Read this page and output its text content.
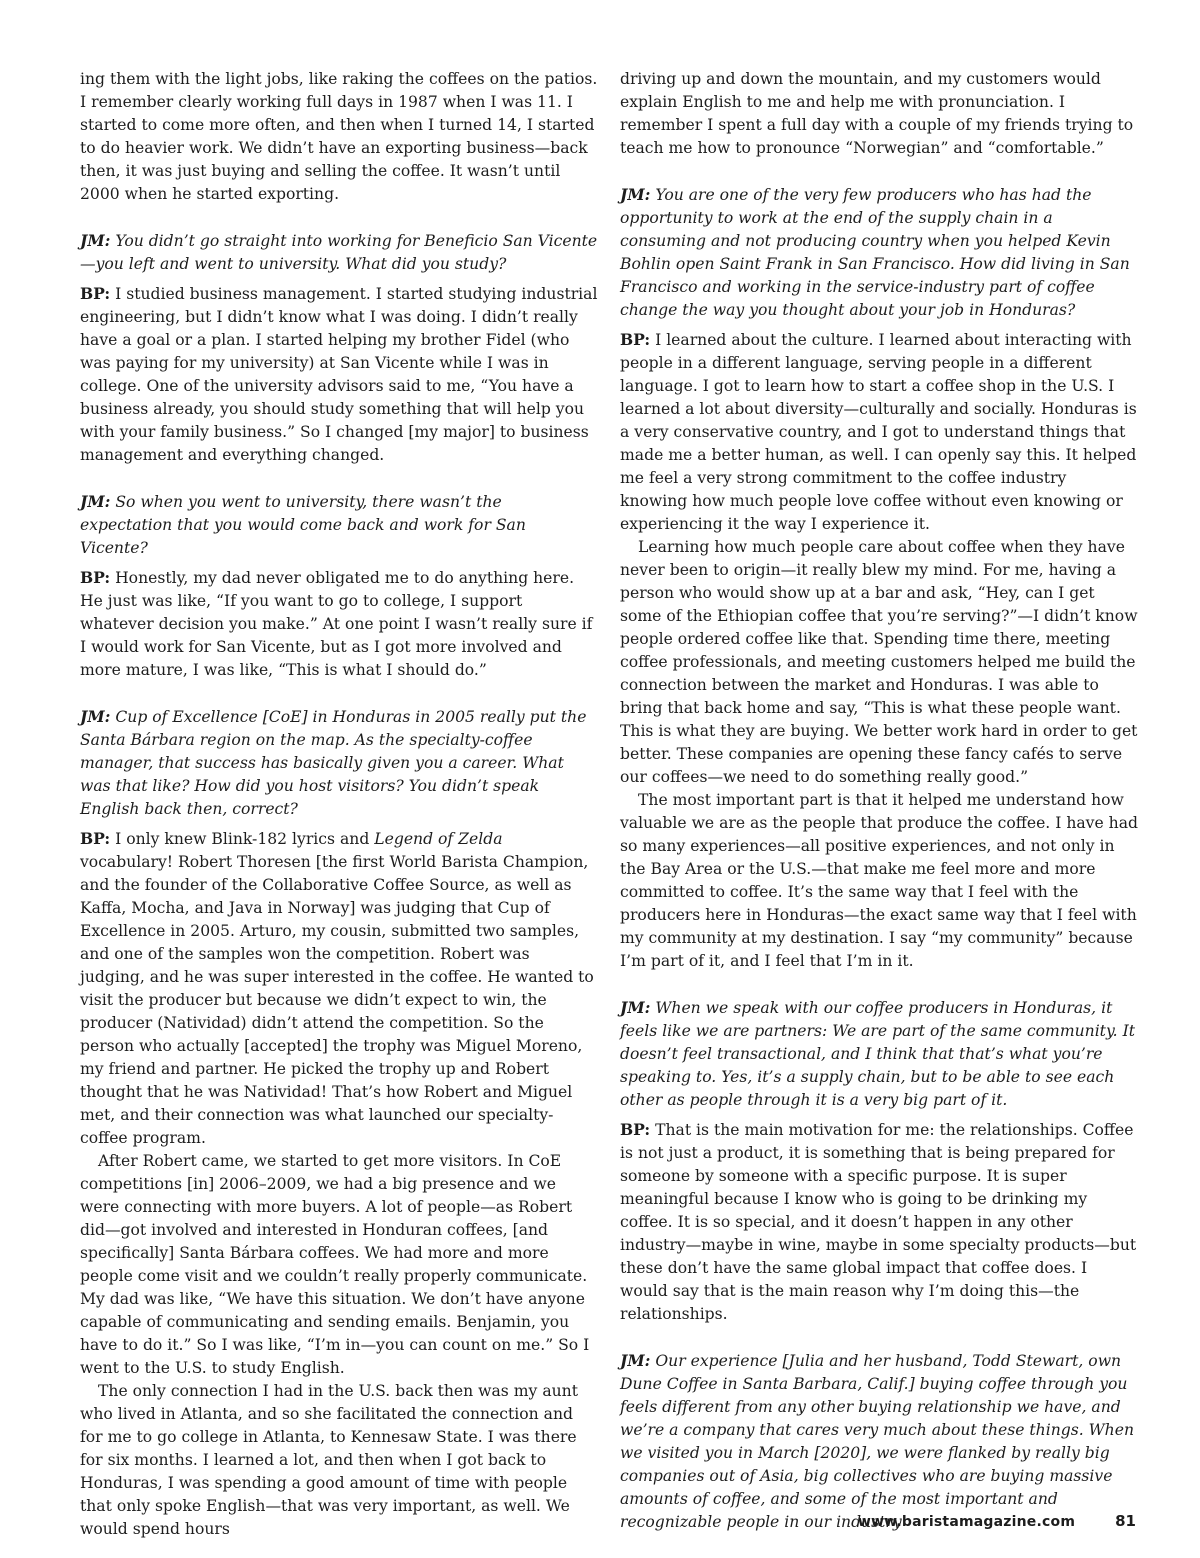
ing them with the light jobs, like raking the coffees on the patios. I remember clearly working full days in 1987 when I was 11. I started to come more often, and then when I turned 14, I started to do heavier work. We didn’t have an exporting business—back then, it was just buying and selling the coffee. It wasn’t until 2000 when he started exporting.

JM: You didn’t go straight into working for Beneficio San Vicente—you left and went to university. What did you study?

BP: I studied business management. I started studying industrial engineering, but I didn’t know what I was doing. I didn’t really have a goal or a plan. I started helping my brother Fidel (who was paying for my university) at San Vicente while I was in college. One of the university advisors said to me, “You have a business already, you should study something that will help you with your family business.” So I changed [my major] to business management and everything changed.

JM: So when you went to university, there wasn’t the expectation that you would come back and work for San Vicente?

BP: Honestly, my dad never obligated me to do anything here. He just was like, “If you want to go to college, I support whatever decision you make.” At one point I wasn’t really sure if I would work for San Vicente, but as I got more involved and more mature, I was like, “This is what I should do.”

JM: Cup of Excellence [CoE] in Honduras in 2005 really put the Santa Bárbara region on the map. As the specialty-coffee manager, that success has basically given you a career. What was that like? How did you host visitors? You didn’t speak English back then, correct?

BP: I only knew Blink-182 lyrics and Legend of Zelda vocabulary! Robert Thoresen [the first World Barista Champion, and the founder of the Collaborative Coffee Source, as well as Kaffa, Mocha, and Java in Norway] was judging that Cup of Excellence in 2005. Arturo, my cousin, submitted two samples, and one of the samples won the competition. Robert was judging, and he was super interested in the coffee. He wanted to visit the producer but because we didn’t expect to win, the producer (Natividad) didn’t attend the competition. So the person who actually [accepted] the trophy was Miguel Moreno, my friend and partner. He picked the trophy up and Robert thought that he was Natividad! That’s how Robert and Miguel met, and their connection was what launched our specialty-coffee program.

After Robert came, we started to get more visitors. In CoE competitions [in] 2006–2009, we had a big presence and we were connecting with more buyers. A lot of people—as Robert did—got involved and interested in Honduran coffees, [and specifically] Santa Bárbara coffees. We had more and more people come visit and we couldn’t really properly communicate. My dad was like, “We have this situation. We don’t have anyone capable of communicating and sending emails. Benjamin, you have to do it.” So I was like, “I’m in—you can count on me.” So I went to the U.S. to study English.

The only connection I had in the U.S. back then was my aunt who lived in Atlanta, and so she facilitated the connection and for me to go college in Atlanta, to Kennesaw State. I was there for six months. I learned a lot, and then when I got back to Honduras, I was spending a good amount of time with people that only spoke English—that was very important, as well. We would spend hours

driving up and down the mountain, and my customers would explain English to me and help me with pronunciation. I remember I spent a full day with a couple of my friends trying to teach me how to pronounce “Norwegian” and “comfortable.”

JM: You are one of the very few producers who has had the opportunity to work at the end of the supply chain in a consuming and not producing country when you helped Kevin Bohlin open Saint Frank in San Francisco. How did living in San Francisco and working in the service-industry part of coffee change the way you thought about your job in Honduras?

BP: I learned about the culture. I learned about interacting with people in a different language, serving people in a different language. I got to learn how to start a coffee shop in the U.S. I learned a lot about diversity—culturally and socially. Honduras is a very conservative country, and I got to understand things that made me a better human, as well. I can openly say this. It helped me feel a very strong commitment to the coffee industry knowing how much people love coffee without even knowing or experiencing it the way I experience it.

Learning how much people care about coffee when they have never been to origin—it really blew my mind. For me, having a person who would show up at a bar and ask, “Hey, can I get some of the Ethiopian coffee that you’re serving?”—I didn’t know people ordered coffee like that. Spending time there, meeting coffee professionals, and meeting customers helped me build the connection between the market and Honduras. I was able to bring that back home and say, “This is what these people want. This is what they are buying. We better work hard in order to get better. These companies are opening these fancy cafés to serve our coffees—we need to do something really good.”

The most important part is that it helped me understand how valuable we are as the people that produce the coffee. I have had so many experiences—all positive experiences, and not only in the Bay Area or the U.S.—that make me feel more and more committed to coffee. It’s the same way that I feel with the producers here in Honduras—the exact same way that I feel with my community at my destination. I say “my community” because I’m part of it, and I feel that I’m in it.

JM: When we speak with our coffee producers in Honduras, it feels like we are partners: We are part of the same community. It doesn’t feel transactional, and I think that that’s what you’re speaking to. Yes, it’s a supply chain, but to be able to see each other as people through it is a very big part of it.

BP: That is the main motivation for me: the relationships. Coffee is not just a product, it is something that is being prepared for someone by someone with a specific purpose. It is super meaningful because I know who is going to be drinking my coffee. It is so special, and it doesn’t happen in any other industry—maybe in wine, maybe in some specialty products—but these don’t have the same global impact that coffee does. I would say that is the main reason why I’m doing this—the relationships.

JM: Our experience [Julia and her husband, Todd Stewart, own Dune Coffee in Santa Barbara, Calif.] buying coffee through you feels different from any other buying relationship we have, and we’re a company that cares very much about these things. When we visited you in March [2020], we were flanked by really big companies out of Asia, big collectives who are buying massive amounts of coffee, and some of the most important and recognizable people in our industry

www.baristamagazine.com	81
